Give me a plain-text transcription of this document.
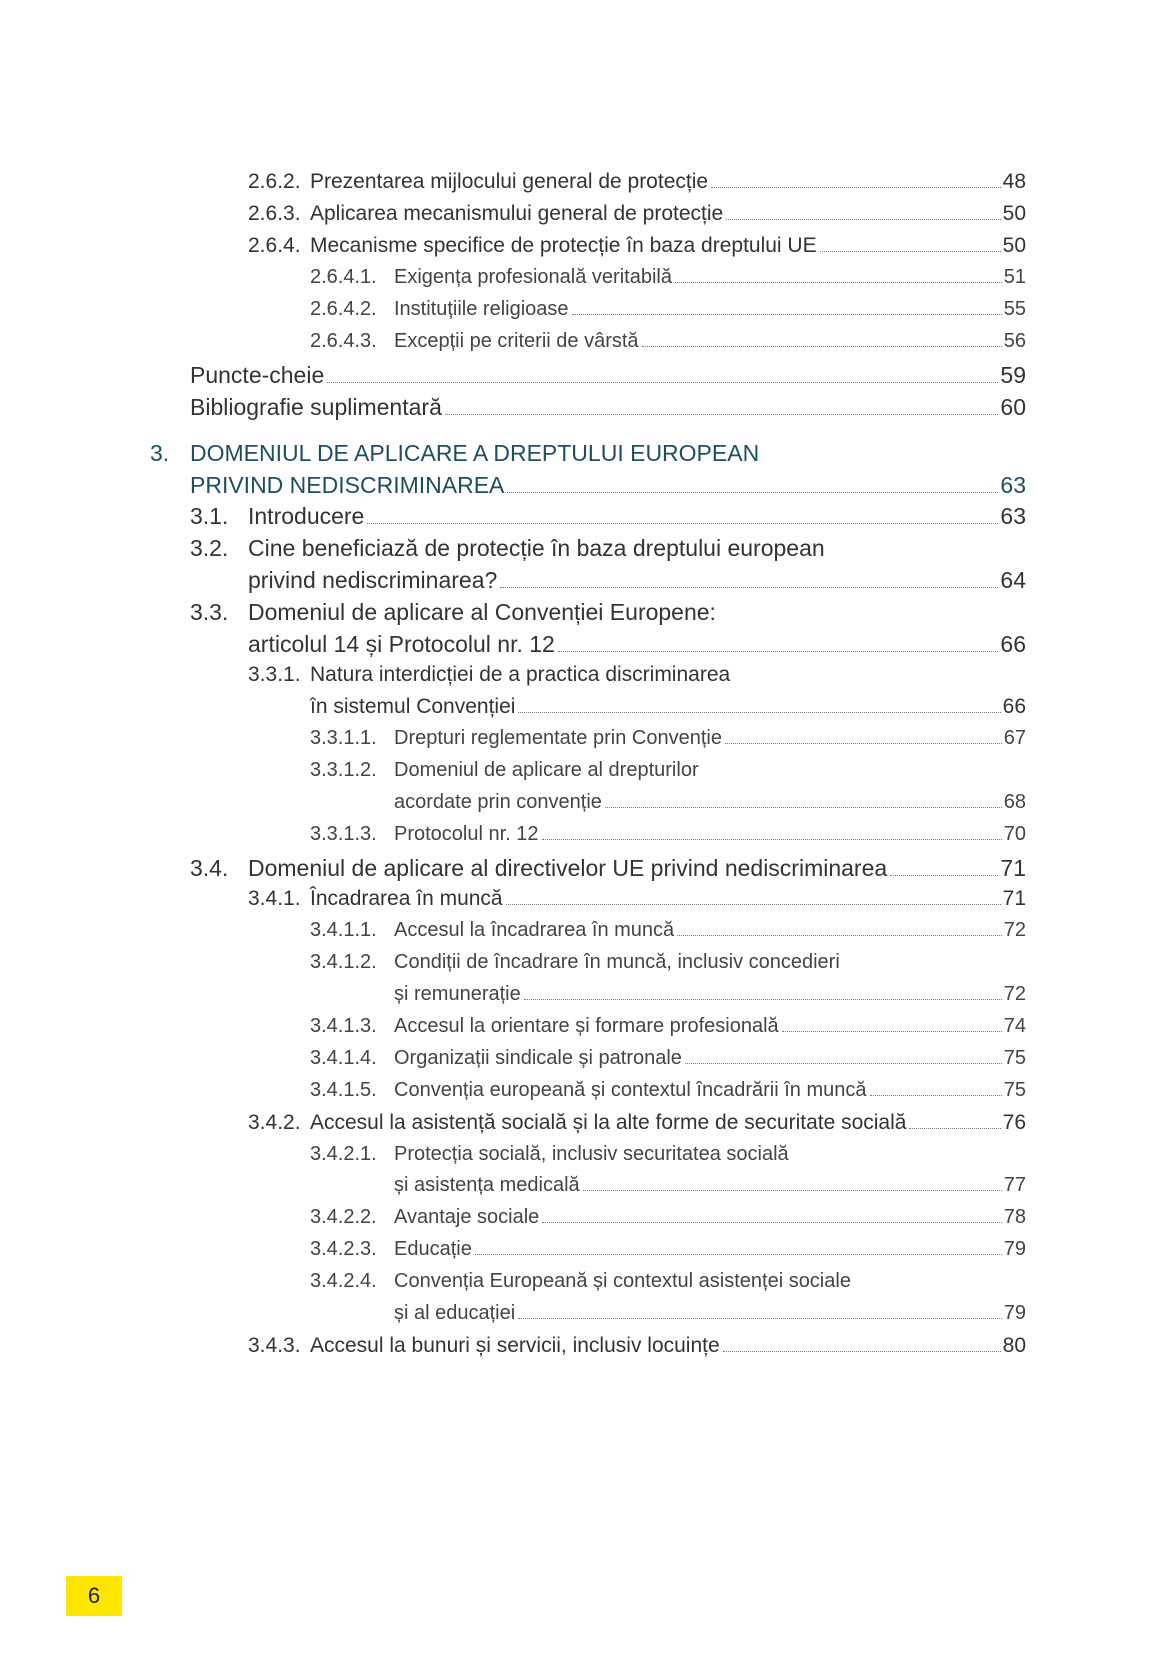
2.6.2. Prezentarea mijlocului general de protecție	48
2.6.3. Aplicarea mecanismului general de protecție	50
2.6.4. Mecanisme specifice de protecție în baza dreptului UE	50
2.6.4.1. Exigența profesională veritabilă	51
2.6.4.2. Instituțiile religioase	55
2.6.4.3. Excepții pe criterii de vârstă	56
Puncte-cheie	59
Bibliografie suplimentară	60
3. DOMENIUL DE APLICARE A DREPTULUI EUROPEAN
PRIVIND NEDISCRIMINAREA	63
3.1. Introducere	63
3.2. Cine beneficiază de protecție în baza dreptului european
privind nediscriminarea?	64
3.3. Domeniul de aplicare al Convenției Europene:
articolul 14 și Protocolul nr. 12	66
3.3.1. Natura interdicției de a practica discriminarea
în sistemul Convenției	66
3.3.1.1. Drepturi reglementate prin Convenție	67
3.3.1.2. Domeniul de aplicare al drepturilor
acordate prin convenție	68
3.3.1.3. Protocolul nr. 12	70
3.4. Domeniul de aplicare al directivelor UE privind nediscriminarea	71
3.4.1. Încadrarea în muncă	71
3.4.1.1. Accesul la încadrarea în muncă	72
3.4.1.2. Condiții de încadrare în muncă, inclusiv concedieri
și remunerație	72
3.4.1.3. Accesul la orientare și formare profesională	74
3.4.1.4. Organizații sindicale și patronale	75
3.4.1.5. Convenția europeană și contextul încadrării în muncă	75
3.4.2. Accesul la asistență socială și la alte forme de securitate socială	76
3.4.2.1. Protecția socială, inclusiv securitatea socială
și asistența medicală	77
3.4.2.2. Avantaje sociale	78
3.4.2.3. Educație	79
3.4.2.4. Convenția Europeană și contextul asistenței sociale
și al educației	79
3.4.3. Accesul la bunuri și servicii, inclusiv locuințe	80
6
